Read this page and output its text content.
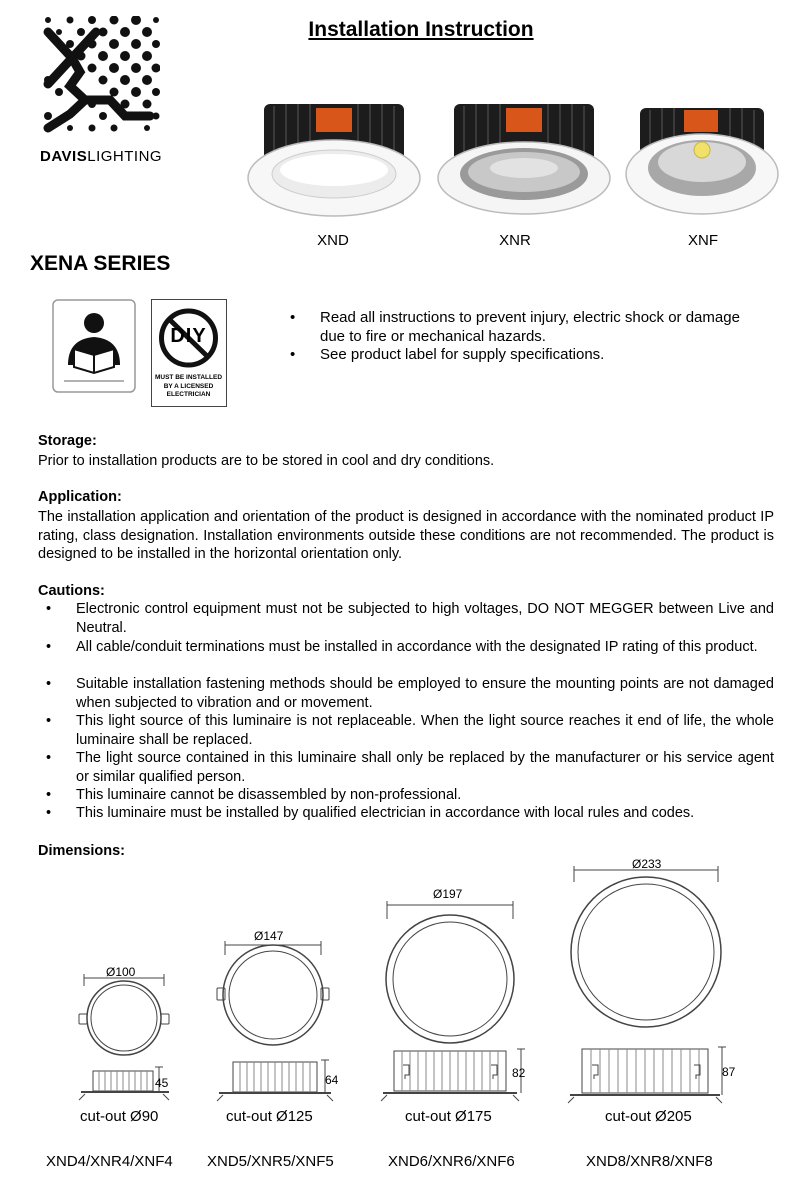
Installation Instruction
DAVISLIGHTING
XND	XNR	XNF
XENA SERIES
DIY
MUST BE INSTALLED
BY A LICENSED
ELECTRICIAN
• Read all instructions to prevent injury, electric shock or damage due to fire or mechanical hazards.
• See product label for supply specifications.
Storage:
Prior to installation products are to be stored in cool and dry conditions.
Application:
The installation application and orientation of the product is designed in accordance with the nominated product IP rating, class designation. Installation environments outside these conditions are not recommended. The product is designed to be installed in the horizontal orientation only.
Cautions:
• Electronic control equipment must not be subjected to high voltages, DO NOT MEGGER between Live and Neutral.
• All cable/conduit terminations must be installed in accordance with the designated IP rating of this product.
• Suitable installation fastening methods should be employed to ensure the mounting points are not damaged when subjected to vibration and or movement.
• This light source of this luminaire is not replaceable. When the light source reaches it end of life, the whole luminaire shall be replaced.
• The light source contained in this luminaire shall only be replaced by the manufacturer or his service agent or similar qualified person.
• This luminaire cannot be disassembled by non-professional.
• This luminaire must be installed by qualified electrician in accordance with local rules and codes.
Dimensions:
Ø100
45
cut-out Ø90
XND4/XNR4/XNF4
Ø147
64
cut-out Ø125
XND5/XNR5/XNF5
Ø197
82
cut-out Ø175
XND6/XNR6/XNF6
Ø233
87
cut-out Ø205
XND8/XNR8/XNF8
